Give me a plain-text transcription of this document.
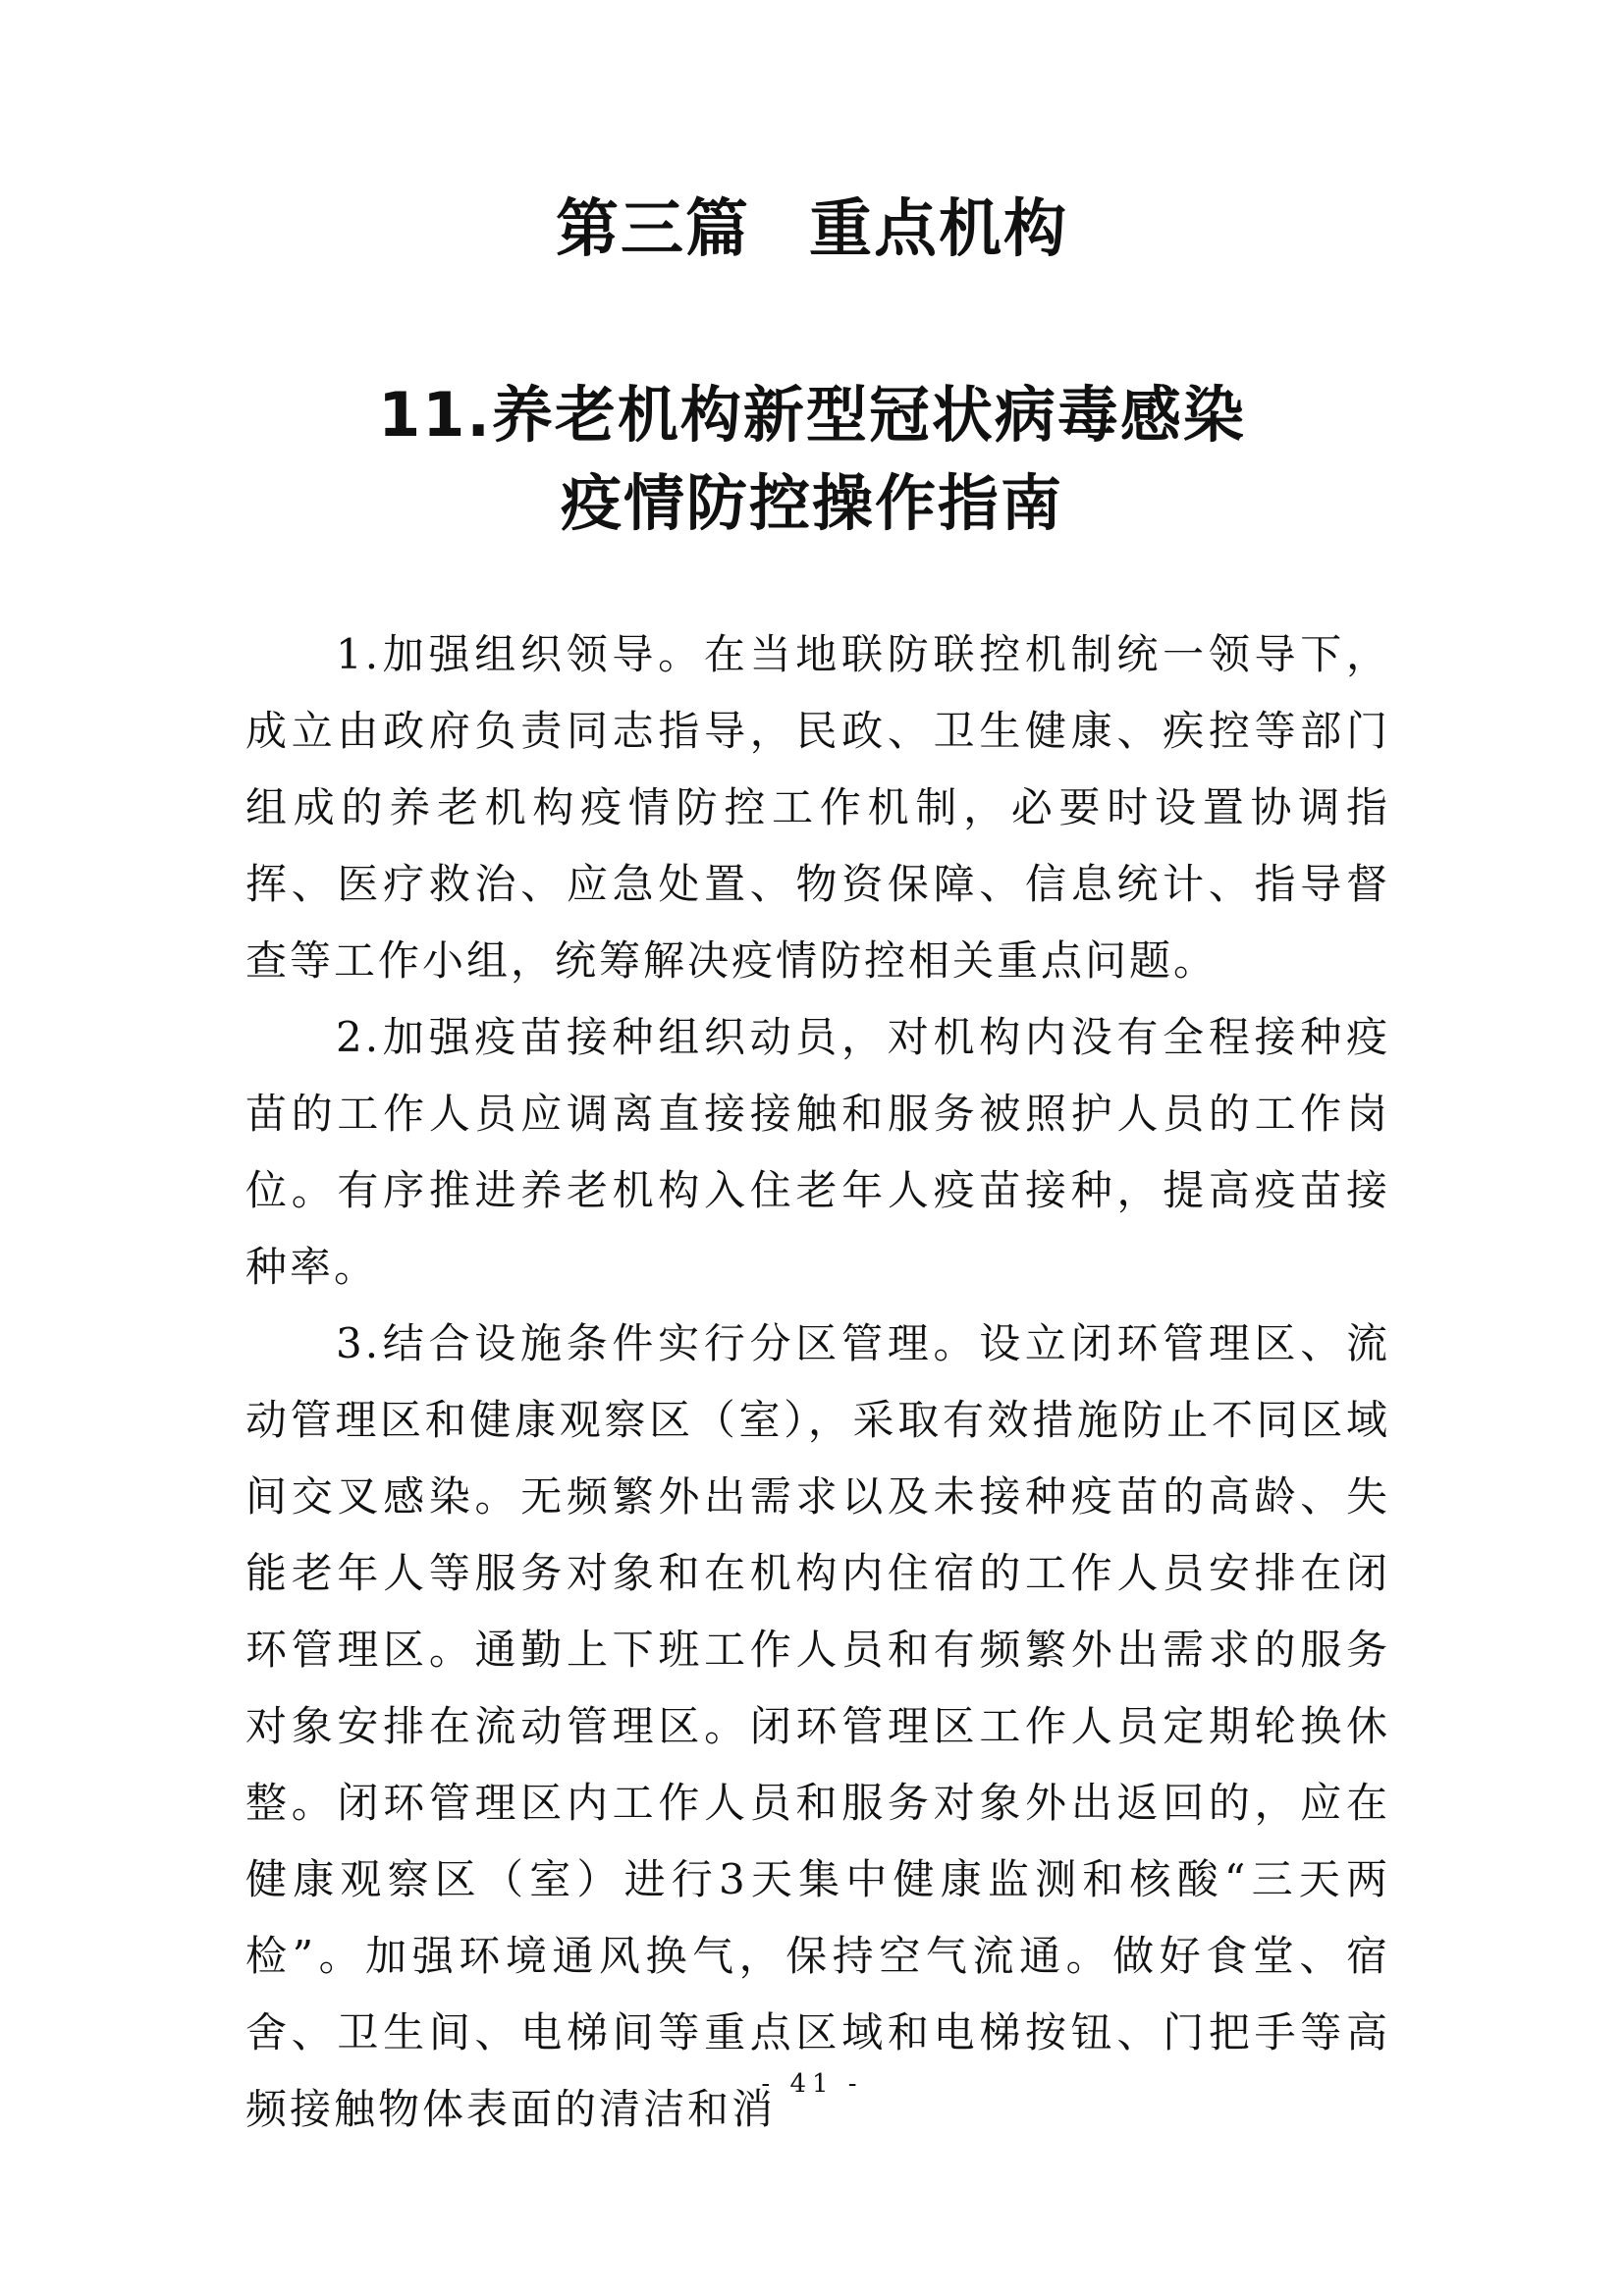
第三篇 重点机构
11.养老机构新型冠状病毒感染
疫情防控操作指南

1.加强组织领导。在当地联防联控机制统一领导下，成立由政府负责同志指导，民政、卫生健康、疾控等部门组成的养老机构疫情防控工作机制，必要时设置协调指挥、医疗救治、应急处置、物资保障、信息统计、指导督查等工作小组，统筹解决疫情防控相关重点问题。

2.加强疫苗接种组织动员，对机构内没有全程接种疫苗的工作人员应调离直接接触和服务被照护人员的工作岗位。有序推进养老机构入住老年人疫苗接种，提高疫苗接种率。

3.结合设施条件实行分区管理。设立闭环管理区、流动管理区和健康观察区（室），采取有效措施防止不同区域间交叉感染。无频繁外出需求以及未接种疫苗的高龄、失能老年人等服务对象和在机构内住宿的工作人员安排在闭环管理区。通勤上下班工作人员和有频繁外出需求的服务对象安排在流动管理区。闭环管理区工作人员定期轮换休整。闭环管理区内工作人员和服务对象外出返回的，应在健康观察区（室）进行3天集中健康监测和核酸“三天两检”。加强环境通风换气，保持空气流通。做好食堂、宿舍、卫生间、电梯间等重点区域和电梯按钮、门把手等高频接触物体表面的清洁和消

- 41 -
